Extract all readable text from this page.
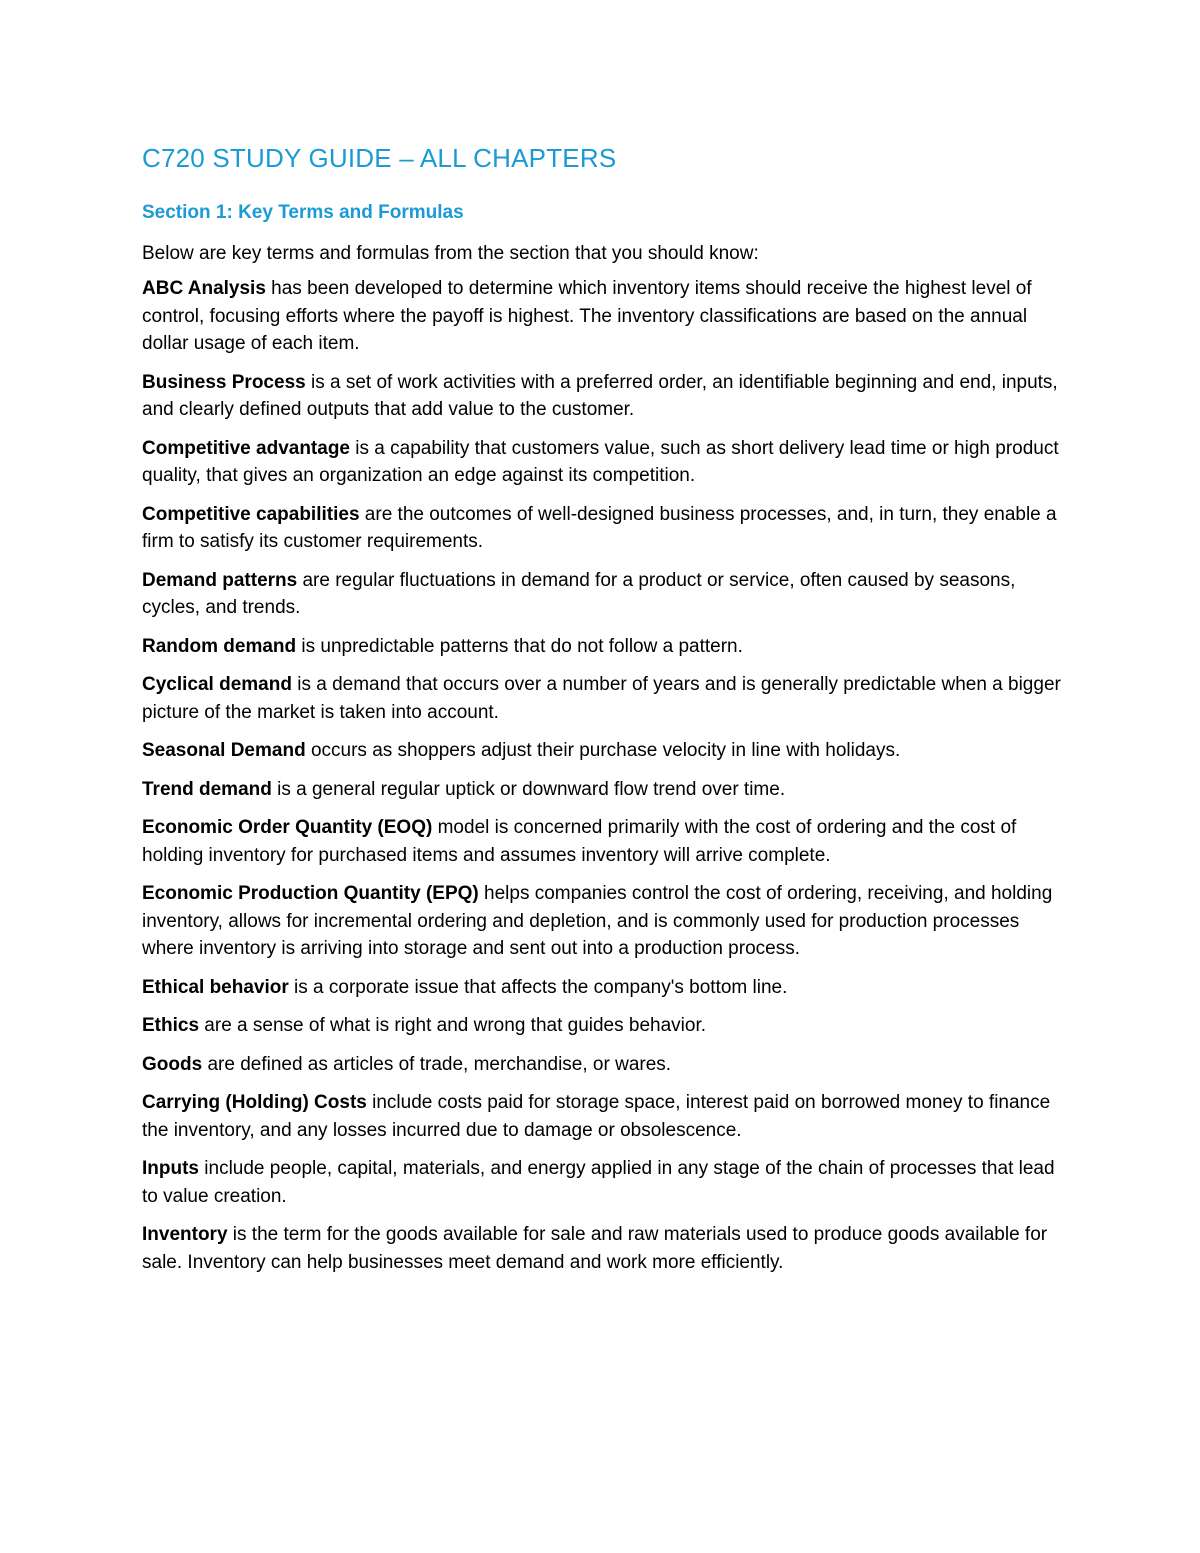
C720 STUDY GUIDE – ALL CHAPTERS
Section 1: Key Terms and Formulas

Below are key terms and formulas from the section that you should know:

ABC Analysis has been developed to determine which inventory items should receive the highest level of control, focusing efforts where the payoff is highest. The inventory classifications are based on the annual dollar usage of each item.

Business Process is a set of work activities with a preferred order, an identifiable beginning and end, inputs, and clearly defined outputs that add value to the customer.

Competitive advantage is a capability that customers value, such as short delivery lead time or high product quality, that gives an organization an edge against its competition.

Competitive capabilities are the outcomes of well-designed business processes, and, in turn, they enable a firm to satisfy its customer requirements.

Demand patterns are regular fluctuations in demand for a product or service, often caused by seasons, cycles, and trends.

Random demand is unpredictable patterns that do not follow a pattern.

Cyclical demand is a demand that occurs over a number of years and is generally predictable when a bigger picture of the market is taken into account.

Seasonal Demand occurs as shoppers adjust their purchase velocity in line with holidays.

Trend demand is a general regular uptick or downward flow trend over time.

Economic Order Quantity (EOQ) model is concerned primarily with the cost of ordering and the cost of holding inventory for purchased items and assumes inventory will arrive complete.

Economic Production Quantity (EPQ) helps companies control the cost of ordering, receiving, and holding inventory, allows for incremental ordering and depletion, and is commonly used for production processes where inventory is arriving into storage and sent out into a production process.

Ethical behavior is a corporate issue that affects the company's bottom line.

Ethics are a sense of what is right and wrong that guides behavior.

Goods are defined as articles of trade, merchandise, or wares.

Carrying (Holding) Costs include costs paid for storage space, interest paid on borrowed money to finance the inventory, and any losses incurred due to damage or obsolescence.

Inputs include people, capital, materials, and energy applied in any stage of the chain of processes that lead to value creation.

Inventory is the term for the goods available for sale and raw materials used to produce goods available for sale. Inventory can help businesses meet demand and work more efficiently.
